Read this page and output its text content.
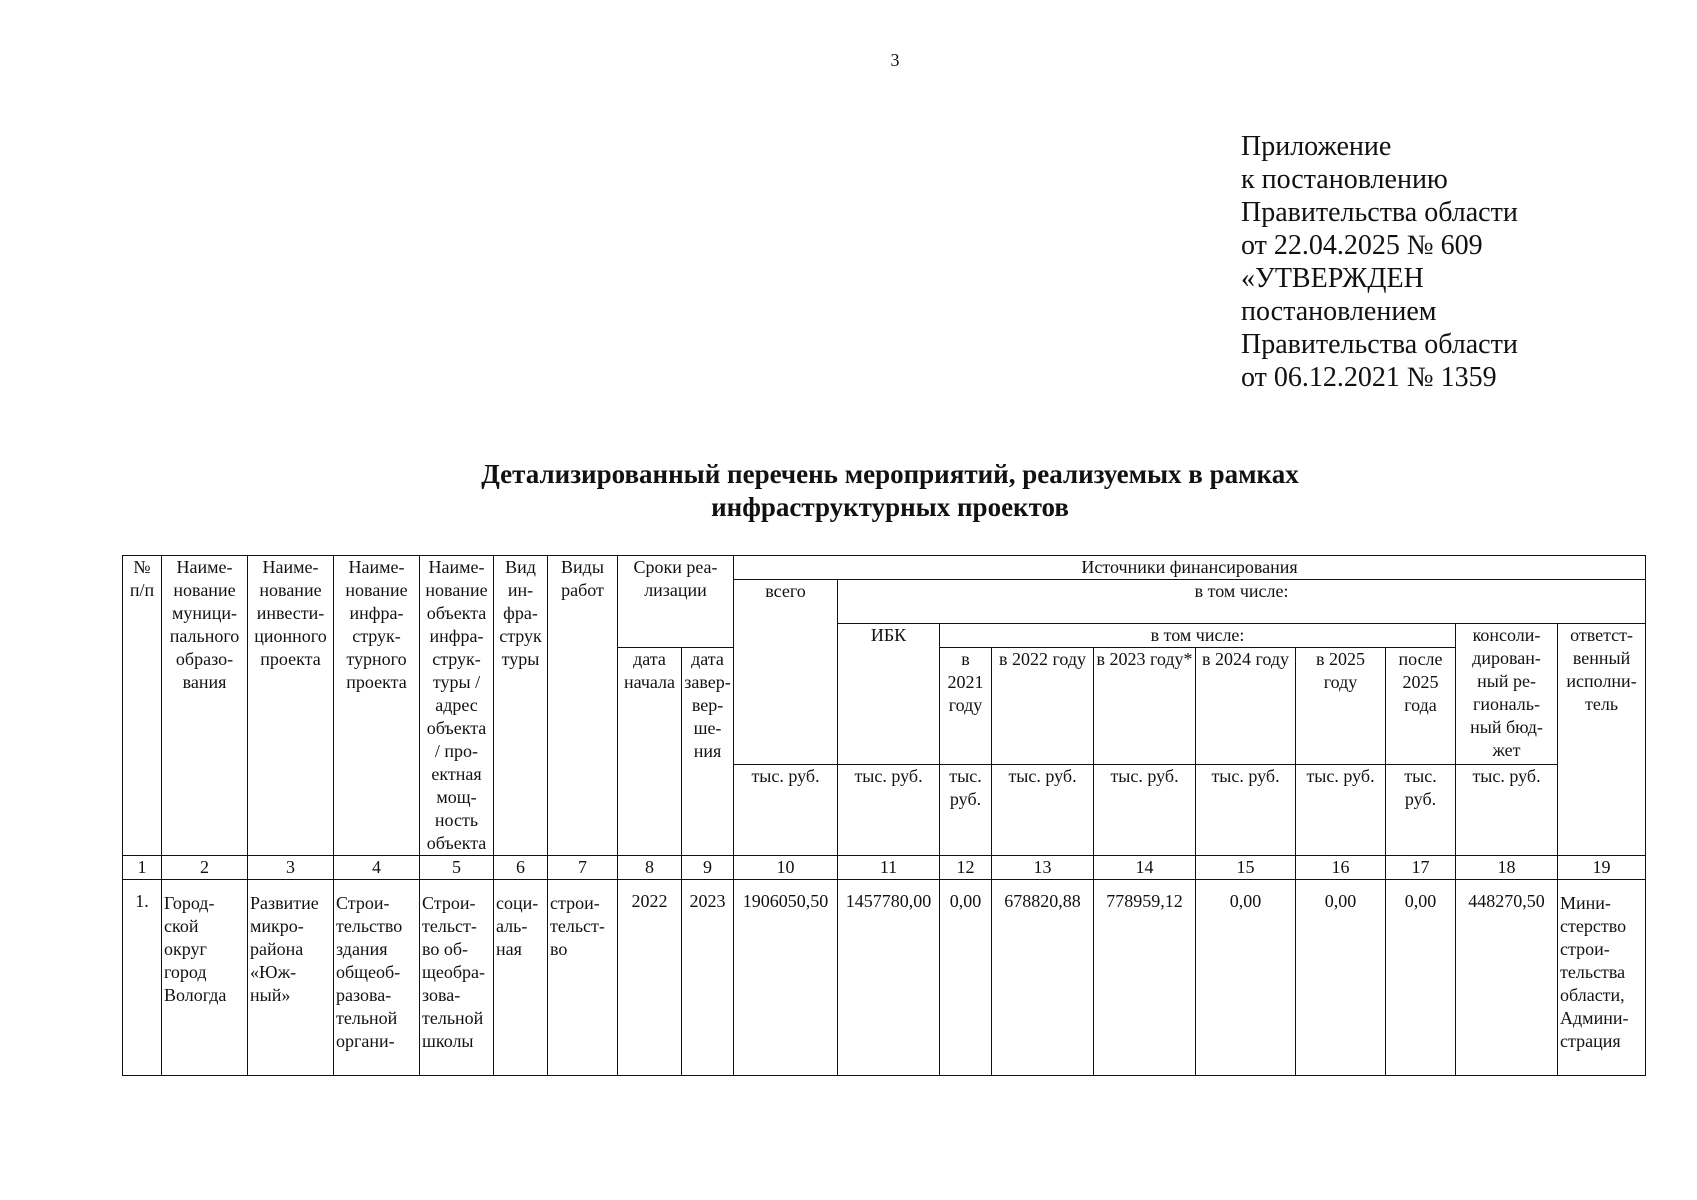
3
Приложение
к постановлению
Правительства области
от 22.04.2025 № 609
«УТВЕРЖДЕН
постановлением
Правительства области
от 06.12.2021 № 1359
Детализированный перечень мероприятий, реализуемых в рамках
инфраструктурных проектов
№ п/п	Наиме-нование муници-пального образо-вания	Наиме-нование инвести-ционного проекта	Наиме-нование инфра-струк-турного проекта	Наиме-нование объекта инфра-струк-туры / адрес объекта / про-ектная мощ-ность объекта	Вид ин-фра-струк туры	Виды работ	Сроки реа-лизации		Источники финансирования									
									всего	в том числе:								
										ИБК	в том числе:						консоли-дирован-ный ре-гиональ-ный бюд-жет	ответст-венный исполни-тель
							дата начала	дата завер-вер-ше-ния			в 2021 году	в 2022 году	в 2023 году*	в 2024 году	в 2025 году	после 2025 года		
									тыс. руб.	тыс. руб.	тыс. руб.	тыс. руб.	тыс. руб.	тыс. руб.	тыс. руб.	тыс. руб.	тыс. руб.	
1	2	3	4	5	6	7	8	9	10	11	12	13	14	15	16	17	18	19
1.	Город-ской округ город Вологда	Развитие микро-района «Юж-ный»	Строи-тельство здания общеоб-разова-тельной органи-	Строи-тельст-во об-щеобра-зова-тельной школы	соци-аль-ная	строи-тельст-во	2022	2023	1906050,50	1457780,00	0,00	678820,88	778959,12	0,00	0,00	0,00	448270,50	Мини-стерство строи-тельства области, Админи-страция
